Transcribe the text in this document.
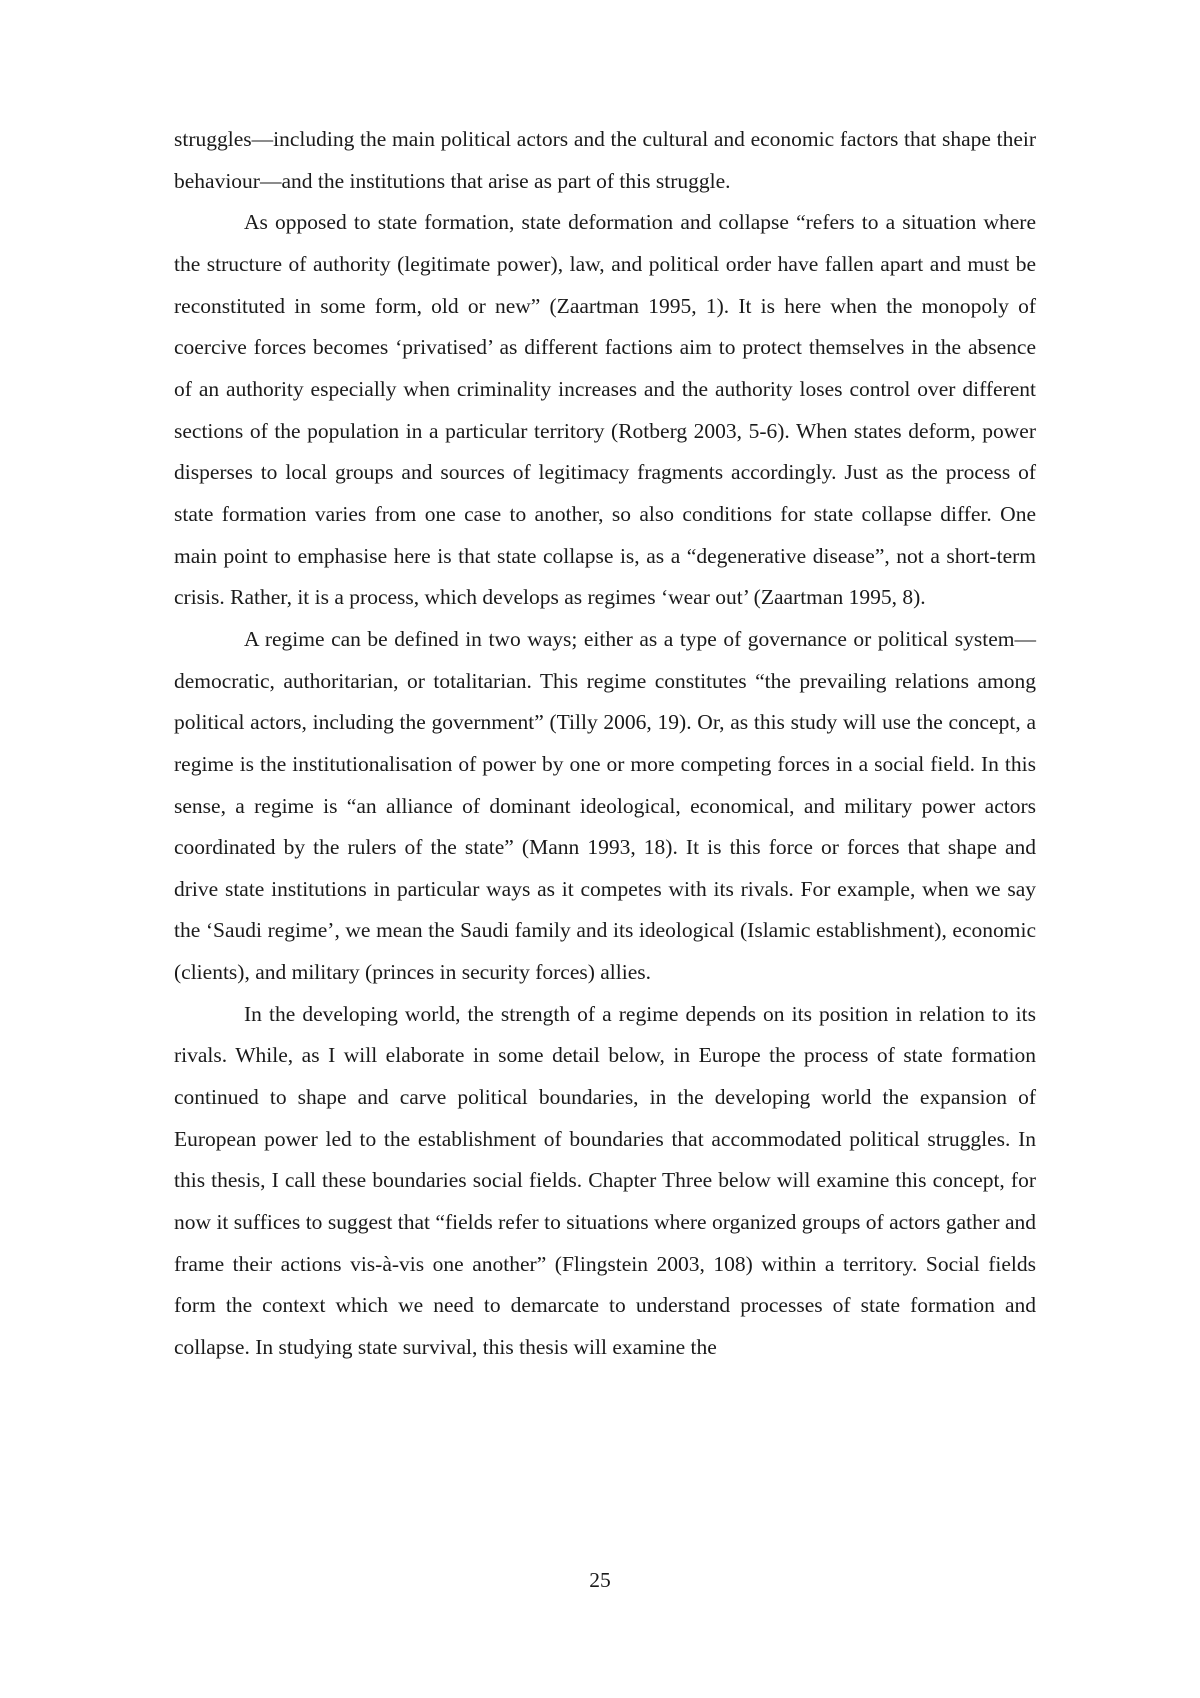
struggles—including the main political actors and the cultural and economic factors that shape their behaviour—and the institutions that arise as part of this struggle.

As opposed to state formation, state deformation and collapse “refers to a situation where the structure of authority (legitimate power), law, and political order have fallen apart and must be reconstituted in some form, old or new” (Zaartman 1995, 1). It is here when the monopoly of coercive forces becomes ‘privatised’ as different factions aim to protect themselves in the absence of an authority especially when criminality increases and the authority loses control over different sections of the population in a particular territory (Rotberg 2003, 5-6). When states deform, power disperses to local groups and sources of legitimacy fragments accordingly. Just as the process of state formation varies from one case to another, so also conditions for state collapse differ. One main point to emphasise here is that state collapse is, as a “degenerative disease”, not a short-term crisis. Rather, it is a process, which develops as regimes ‘wear out’ (Zaartman 1995, 8).

A regime can be defined in two ways; either as a type of governance or political system—democratic, authoritarian, or totalitarian. This regime constitutes “the prevailing relations among political actors, including the government” (Tilly 2006, 19). Or, as this study will use the concept, a regime is the institutionalisation of power by one or more competing forces in a social field. In this sense, a regime is “an alliance of dominant ideological, economical, and military power actors coordinated by the rulers of the state” (Mann 1993, 18). It is this force or forces that shape and drive state institutions in particular ways as it competes with its rivals. For example, when we say the ‘Saudi regime’, we mean the Saudi family and its ideological (Islamic establishment), economic (clients), and military (princes in security forces) allies.

In the developing world, the strength of a regime depends on its position in relation to its rivals. While, as I will elaborate in some detail below, in Europe the process of state formation continued to shape and carve political boundaries, in the developing world the expansion of European power led to the establishment of boundaries that accommodated political struggles. In this thesis, I call these boundaries social fields. Chapter Three below will examine this concept, for now it suffices to suggest that “fields refer to situations where organized groups of actors gather and frame their actions vis-à-vis one another” (Flingstein 2003, 108) within a territory. Social fields form the context which we need to demarcate to understand processes of state formation and collapse. In studying state survival, this thesis will examine the

25
